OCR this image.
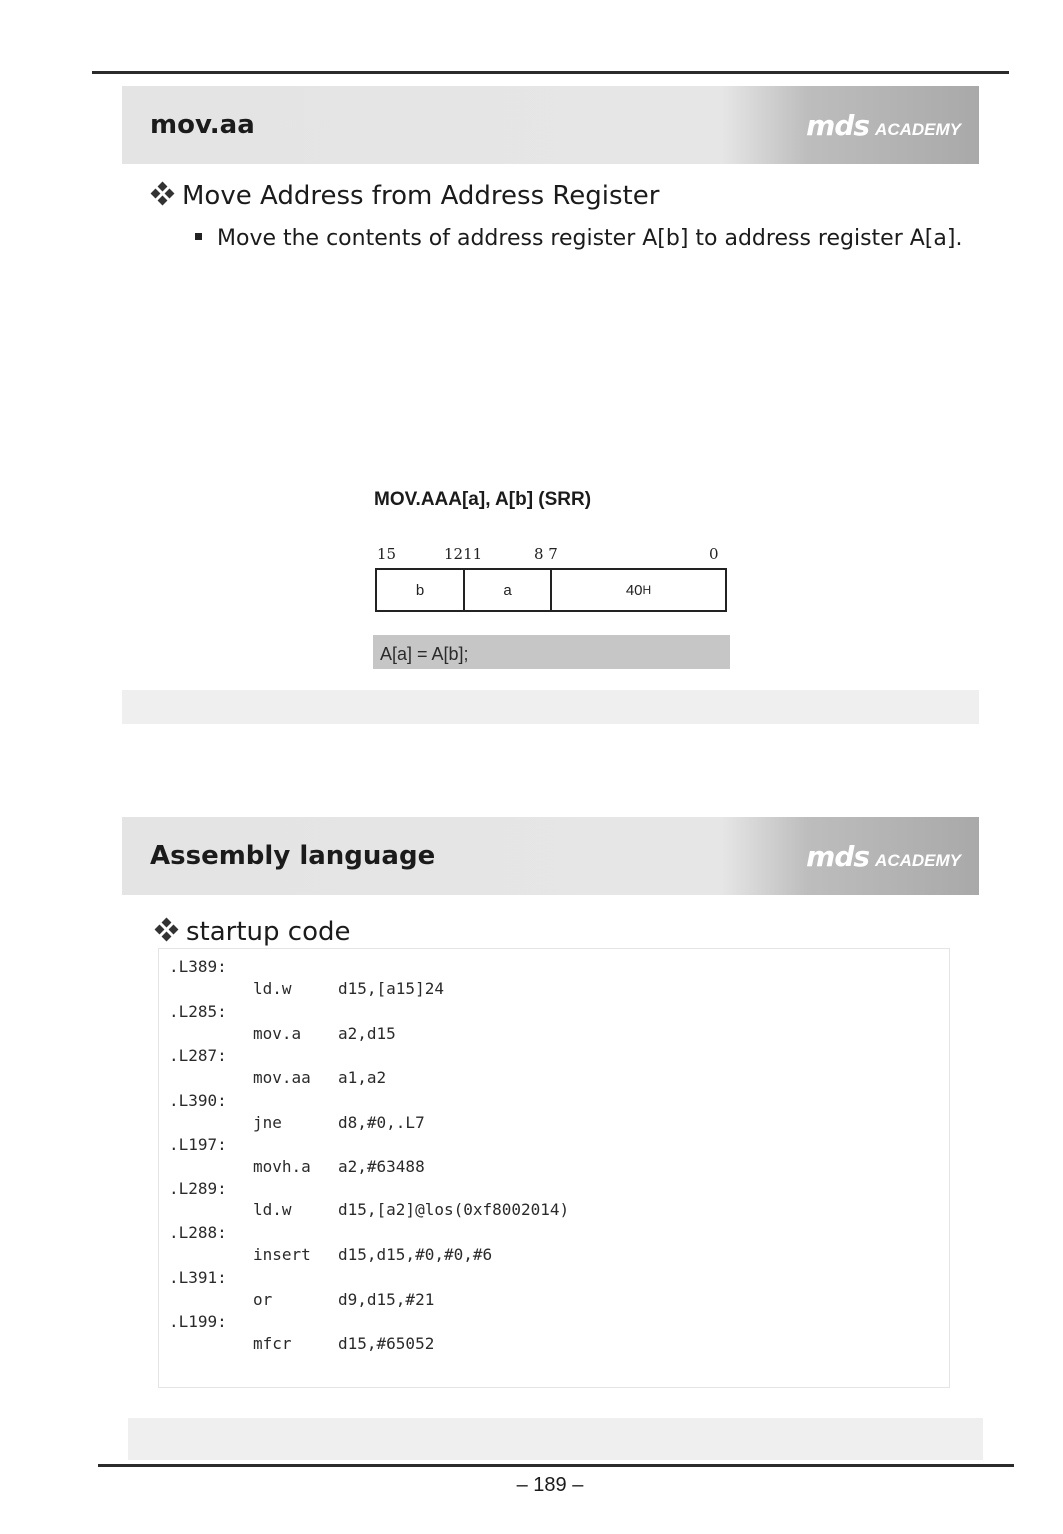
mov.aa	mds ACADEMY
Move Address from Address Register
Move the contents of address register A[b] to address register A[a].
MOV.AAA[a], A[b] (SRR)
15	1211	8 7	0
b	a	40 H
A[a] = A[b];
Assembly language	mds ACADEMY
startup code
.L389:
ld.w	d15,[a15]24
.L285:
mov.a a2,d15
.L287:
mov.aa a1,a2
.L390:
jne	d8,#0,.L7
.L197:
movh.a a2,#63488
.L289:
ld.w	d15,[a2]@los(0xf8002014)
.L288:
insert d15,d15,#0,#0,#6
.L391:
or	d9,d15,#21
.L199:
mfcr	d15,#65052
– 189 –
